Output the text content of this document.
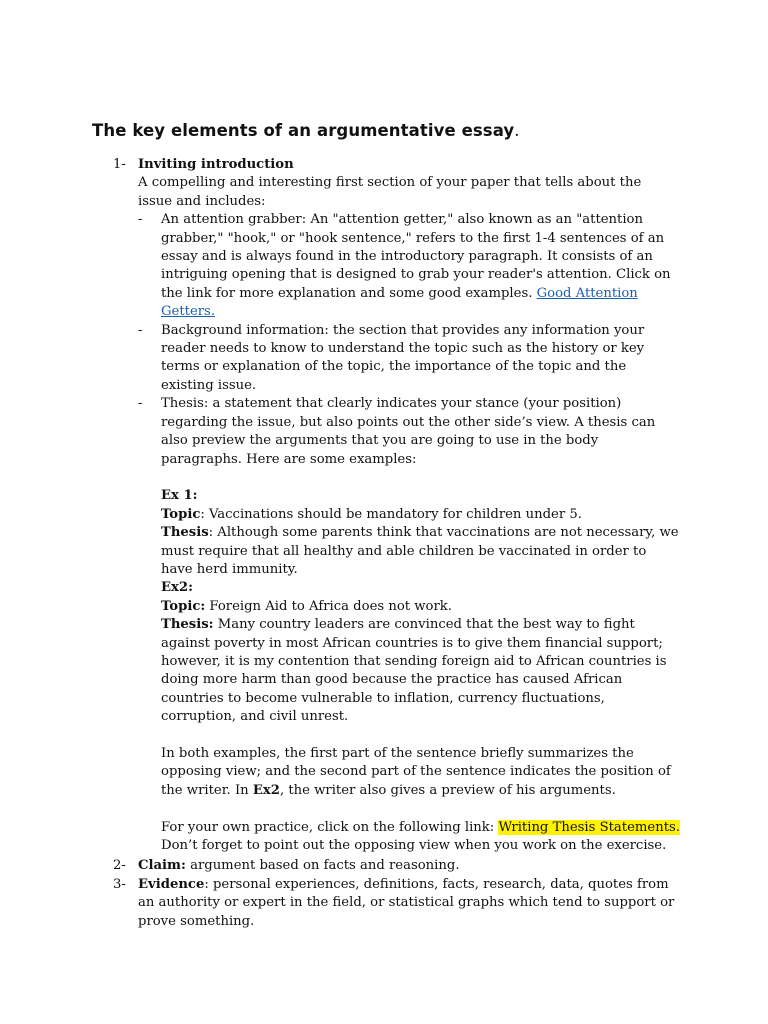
The key elements of an argumentative essay.
1- Inviting introduction
A compelling and interesting first section of your paper that tells about the issue and includes:
- An attention grabber: An "attention getter," also known as an "attention grabber," "hook," or "hook sentence," refers to the first 1-4 sentences of an essay and is always found in the introductory paragraph. It consists of an intriguing opening that is designed to grab your reader's attention. Click on the link for more explanation and some good examples. Good Attention Getters.
- Background information: the section that provides any information your reader needs to know to understand the topic such as the history or key terms or explanation of the topic, the importance of the topic and the existing issue.
- Thesis: a statement that clearly indicates your stance (your position) regarding the issue, but also points out the other side’s view. A thesis can also preview the arguments that you are going to use in the body paragraphs. Here are some examples:
Ex 1:
Topic: Vaccinations should be mandatory for children under 5.
Thesis: Although some parents think that vaccinations are not necessary, we must require that all healthy and able children be vaccinated in order to have herd immunity.
Ex2:
Topic: Foreign Aid to Africa does not work.
Thesis: Many country leaders are convinced that the best way to fight against poverty in most African countries is to give them financial support; however, it is my contention that sending foreign aid to African countries is doing more harm than good because the practice has caused African countries to become vulnerable to inflation, currency fluctuations, corruption, and civil unrest.
In both examples, the first part of the sentence briefly summarizes the opposing view; and the second part of the sentence indicates the position of the writer. In Ex2, the writer also gives a preview of his arguments.
For your own practice, click on the following link: Writing Thesis Statements. Don’t forget to point out the opposing view when you work on the exercise.
2- Claim: argument based on facts and reasoning.
3- Evidence: personal experiences, definitions, facts, research, data, quotes from an authority or expert in the field, or statistical graphs which tend to support or prove something.
